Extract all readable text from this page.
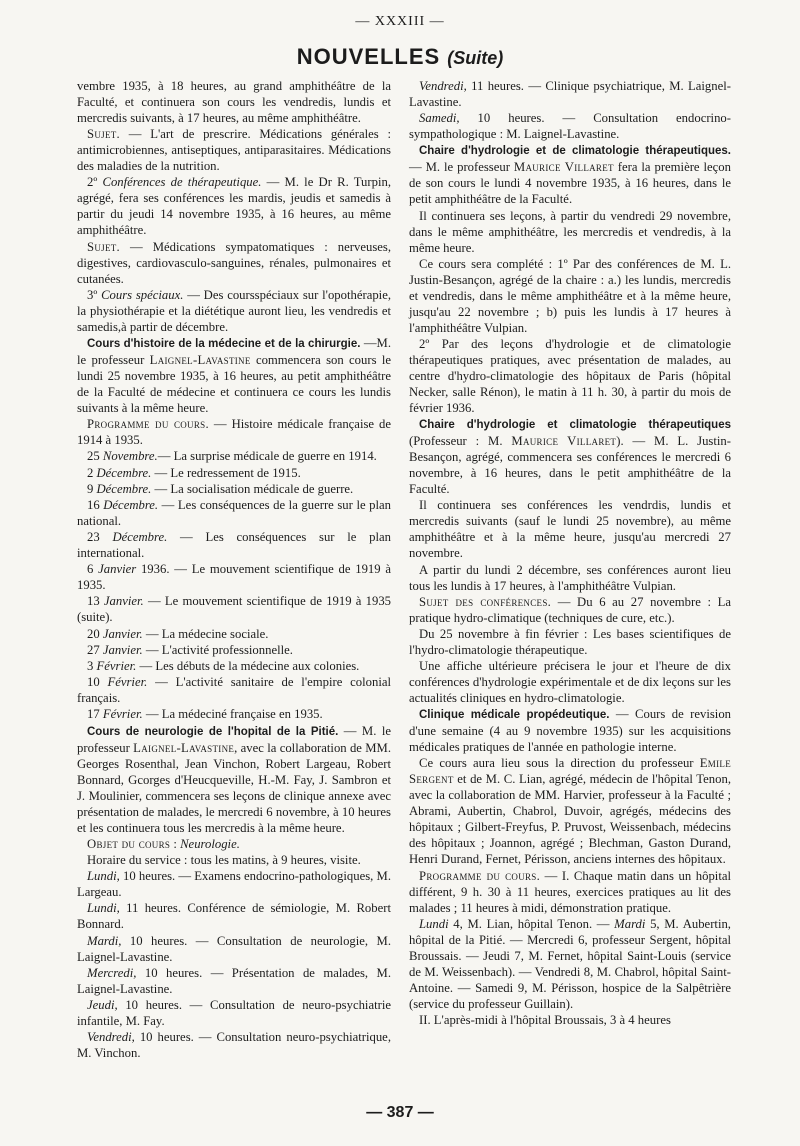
— XXXIII —
NOUVELLES (Suite)

vembre 1935, à 18 heures, au grand amphithéâtre de la Faculté, et continuera son cours les vendredis, lundis et mercredis suivants, à 17 heures, au même amphithéâtre.

Sujet. — L'art de prescrire. Médications générales : antimicrobiennes, antiseptiques, antiparasitaires. Médications des maladies de la nutrition.

2º Conférences de thérapeutique. — M. le Dr R. Turpin, agrégé, fera ses conférences les mardis, jeudis et samedis à partir du jeudi 14 novembre 1935, à 16 heures, au même amphithéâtre.

Sujet. — Médications sympatomatiques : nerveuses, digestives, cardiovasculo-sanguines, rénales, pulmonaires et cutanées.

3º Cours spéciaux. — Des coursspéciaux sur l'opothérapie, la physiothérapie et la diététique auront lieu, les vendredis et samedis,à partir de décembre.

Cours d'histoire de la médecine et de la chirurgie. —M. le professeur Laignel-Lavastine commencera son cours le lundi 25 novembre 1935, à 16 heures, au petit amphithéâtre de la Faculté de médecine et continuera ce cours les lundis suivants à la même heure.

Programme du cours. — Histoire médicale française de 1914 à 1935.

25 Novembre.— La surprise médicale de guerre en 1914.

2 Décembre. — Le redressement de 1915.

9 Décembre. — La socialisation médicale de guerre.

16 Décembre. — Les conséquences de la guerre sur le plan national.

23 Décembre. — Les conséquences sur le plan international.

6 Janvier 1936. — Le mouvement scientifique de 1919 à 1935.

13 Janvier. — Le mouvement scientifique de 1919 à 1935 (suite).

20 Janvier. — La médecine sociale.

27 Janvier. — L'activité professionnelle.

3 Février. — Les débuts de la médecine aux colonies.

10 Février. — L'activité sanitaire de l'empire colonial français.

17 Février. — La médeciné française en 1935.

Cours de neurologie de l'hopital de la Pitié. — M. le professeur Laignel-Lavastine, avec la collaboration de MM. Georges Rosenthal, Jean Vinchon, Robert Largeau, Robert Bonnard, Gcorges d'Heucqueville, H.-M. Fay, J. Sambron et J. Moulinier, commencera ses leçons de clinique annexe avec présentation de malades, le mercredi 6 novembre, à 10 heures et les continuera tous les mercredis à la même heure.

Objet du cours : Neurologie.

Horaire du service : tous les matins, à 9 heures, visite.

Lundi, 10 heures. — Examens endocrino-pathologiques, M. Largeau.

Lundi, 11 heures. Conférence de sémiologie, M. Robert Bonnard.

Mardi, 10 heures. — Consultation de neurologie, M. Laignel-Lavastine.

Mercredi, 10 heures. — Présentation de malades, M. Laignel-Lavastine.

Jeudi, 10 heures. — Consultation de neuro-psychiatrie infantile, M. Fay.

Vendredi, 10 heures. — Consultation neuro-psychiatrique, M. Vinchon.

Vendredi, 11 heures. — Clinique psychiatrique, M. Laignel-Lavastine.

Samedi, 10 heures. — Consultation endocrino-sympathologique : M. Laignel-Lavastine.

Chaire d'hydrologie et de climatologie thérapeutiques. — M. le professeur Maurice Villaret fera la première leçon de son cours le lundi 4 novembre 1935, à 16 heures, dans le petit amphithéâtre de la Faculté.

Il continuera ses leçons, à partir du vendredi 29 novembre, dans le même amphithéâtre, les mercredis et vendredis, à la même heure.

Ce cours sera complété : 1º Par des conférences de M. L. Justin-Besançon, agrégé de la chaire : a.) les lundis, mercredis et vendredis, dans le même amphithéâtre et à la même heure, jusqu'au 22 novembre ; b) puis les lundis à 17 heures à l'amphithéâtre Vulpian.

2º Par des leçons d'hydrologie et de climatologie thérapeutiques pratiques, avec présentation de malades, au centre d'hydro-climatologie des hôpitaux de Paris (hôpital Necker, salle Rénon), le matin à 11 h. 30, à partir du mois de février 1936.

Chaire d'hydrologie et climatologie thérapeutiques (Professeur : M. Maurice Villaret). — M. L. Justin-Besançon, agrégé, commencera ses conférences le mercredi 6 novembre, à 16 heures, dans le petit amphithéâtre de la Faculté.

Il continuera ses conférences les vendrdis, lundis et mercredis suivants (sauf le lundi 25 novembre), au même amphithéâtre et à la même heure, jusqu'au mercredi 27 novembre.

A partir du lundi 2 décembre, ses conférences auront lieu tous les lundis à 17 heures, à l'amphithéâtre Vulpian.

Sujet des conférences. — Du 6 au 27 novembre : La pratique hydro-climatique (techniques de cure, etc.).

Du 25 novembre à fin février : Les bases scientifiques de l'hydro-climatologie thérapeutique.

Une affiche ultérieure précisera le jour et l'heure de dix conférences d'hydrologie expérimentale et de dix leçons sur les actualités cliniques en hydro-climatologie.

Clinique médicale propédeutique. — Cours de revision d'une semaine (4 au 9 novembre 1935) sur les acquisitions médicales pratiques de l'année en pathologie interne.

Ce cours aura lieu sous la direction du professeur Emile Sergent et de M. C. Lian, agrégé, médecin de l'hôpital Tenon, avec la collaboration de MM. Harvier, professeur à la Faculté ; Abrami, Aubertin, Chabrol, Duvoir, agrégés, médecins des hôpitaux ; Gilbert-Freyfus, P. Pruvost, Weissenbach, médecins des hôpitaux ; Joannon, agrégé ; Blechman, Gaston Durand, Henri Durand, Fernet, Périsson, anciens internes des hôpitaux.

Programme du cours. — I. Chaque matin dans un hôpital différent, 9 h. 30 à 11 heures, exercices pratiques au lit des malades ; 11 heures à midi, démonstration pratique.

Lundi 4, M. Lian, hôpital Tenon. — Mardi 5, M. Aubertin, hôpital de la Pitié. — Mercredi 6, professeur Sergent, hôpital Broussais. — Jeudi 7, M. Fernet, hôpital Saint-Louis (service de M. Weissenbach). — Vendredi 8, M. Chabrol, hôpital Saint-Antoine. — Samedi 9, M. Périsson, hospice de la Salpêtrière (service du professeur Guillain).

II. L'après-midi à l'hôpital Broussais, 3 à 4 heures

— 387 —
